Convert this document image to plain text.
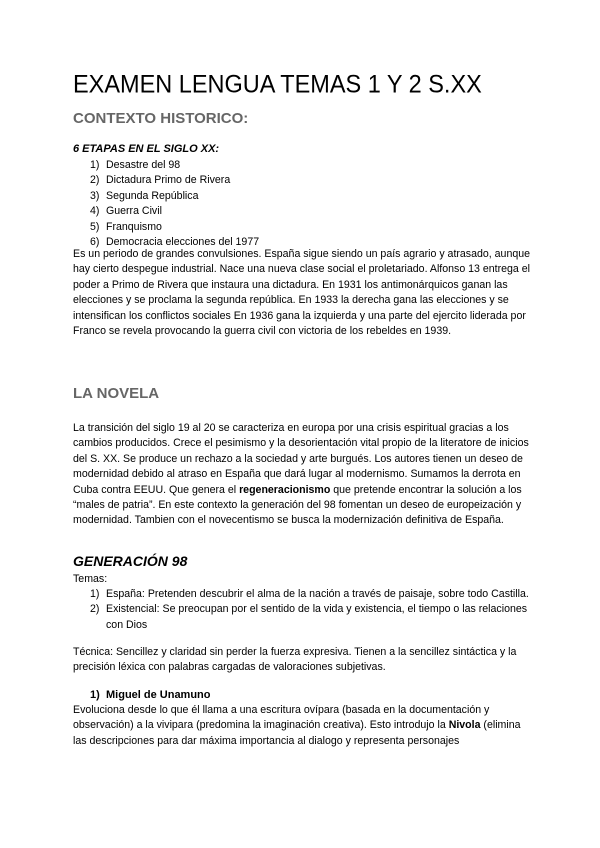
EXAMEN LENGUA TEMAS 1 Y 2 S.XX
CONTEXTO HISTORICO:
6 ETAPAS EN EL SIGLO XX:
1) Desastre del 98
2) Dictadura Primo de Rivera
3) Segunda República
4) Guerra Civil
5) Franquismo
6) Democracia elecciones del 1977

Es un periodo de grandes convulsiones. España sigue siendo un país agrario y atrasado, aunque hay cierto despegue industrial. Nace una nueva clase social el proletariado. Alfonso 13 entrega el poder a Primo de Rivera que instaura una dictadura. En 1931 los antimonárquicos ganan las elecciones y se proclama la segunda república. En 1933 la derecha gana las elecciones y se intensifican los conflictos sociales En 1936 gana la izquierda y una parte del ejercito liderada por Franco se revela provocando la guerra civil con victoria de los rebeldes en 1939.

LA NOVELA

La transición del siglo 19 al 20 se caracteriza en europa por una crisis espiritual gracias a los cambios producidos. Crece el pesimismo y la desorientación vital propio de la literatore de inicios del S. XX. Se produce un rechazo a la sociedad y arte burgués. Los autores tienen un deseo de modernidad debido al atraso en España que dará lugar al modernismo. Sumamos la derrota en Cuba contra EEUU. Que genera el regeneracionismo que pretende encontrar la solución a los “males de patria”. En este contexto la generación del 98 fomentan un deseo de europeización y modernidad. Tambien con el novecentismo se busca la modernización definitiva de España.

GENERACIÓN 98

Temas:

1) España: Pretenden descubrir el alma de la nación a través de paisaje, sobre todo Castilla.
2) Existencial: Se preocupan por el sentido de la vida y existencia, el tiempo o las relaciones con Dios

Técnica: Sencillez y claridad sin perder la fuerza expresiva. Tienen a la sencillez sintáctica y la precisión léxica con palabras cargadas de valoraciones subjetivas.

1) Miguel de Unamuno

Evoluciona desde lo que él llama a una escritura ovípara (basada en la documentación y observación) a la vivipara (predomina la imaginación creativa). Esto introdujo la Nivola (elimina las descripciones para dar máxima importancia al dialogo y representa personajes
